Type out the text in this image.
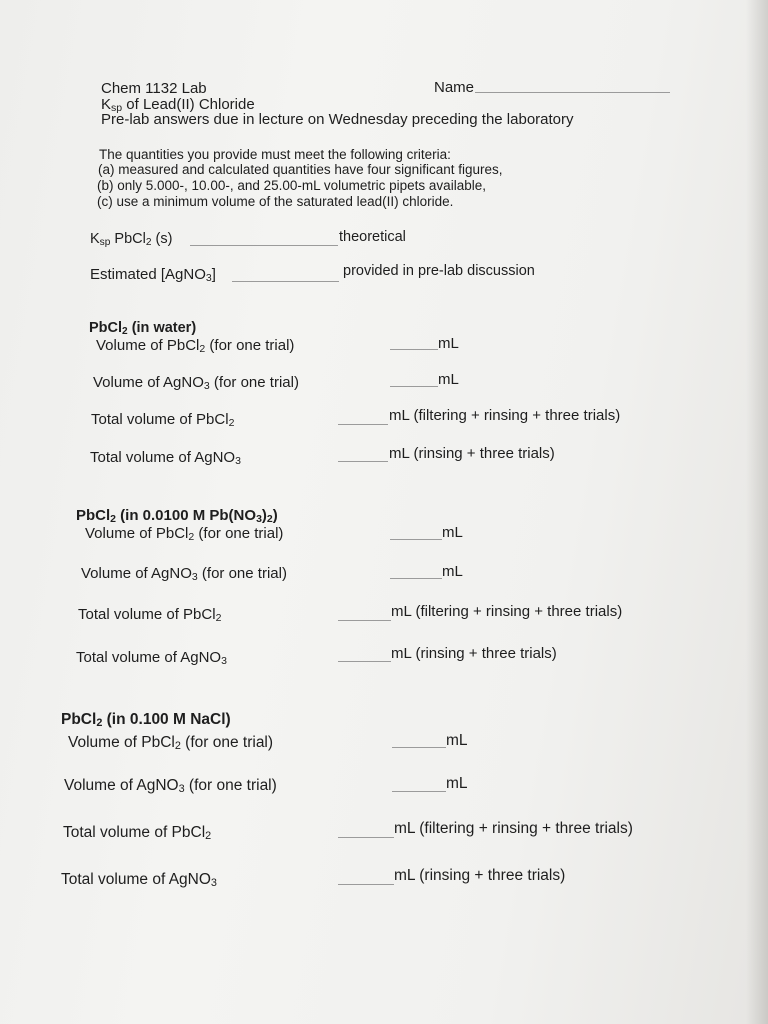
Chem 1132 Lab	Name
$K_{sp}$ of Lead(II) Chloride
Pre-lab answers due in lecture on Wednesday preceding the laboratory
The quantities you provide must meet the following criteria:
(a) measured and calculated quantities have four significant figures,
(b) only 5.000-, 10.00-, and 25.00-mL volumetric pipets available,
(c) use a minimum volume of the saturated lead(II) chloride.
$K_{sp}$ PbCl$_2$ (s)	theoretical
Estimated [AgNO$_3$]	provided in pre-lab discussion
PbCl$_2$ (in water)
Volume of PbCl$_2$ (for one trial)	mL
Volume of AgNO$_3$ (for one trial)	mL
Total volume of PbCl$_2$	mL (filtering + rinsing + three trials)
Total volume of AgNO$_3$	mL (rinsing + three trials)
PbCl$_2$ (in 0.0100 M $Pb(NO_3)_2$)
Volume of PbCl$_2$ (for one trial)	mL
Volume of AgNO$_3$ (for one trial)	mL
Total volume of PbCl$_2$	mL (filtering + rinsing + three trials)
Total volume of AgNO$_3$	mL (rinsing + three trials)
PbCl$_2$ (in 0.100 M NaCl)
Volume of PbCl$_2$ (for one trial)	mL
Volume of AgNO$_3$ (for one trial)	mL
Total volume of PbCl$_2$	mL (filtering + rinsing + three trials)
Total volume of AgNO$_3$	mL (rinsing + three trials)
